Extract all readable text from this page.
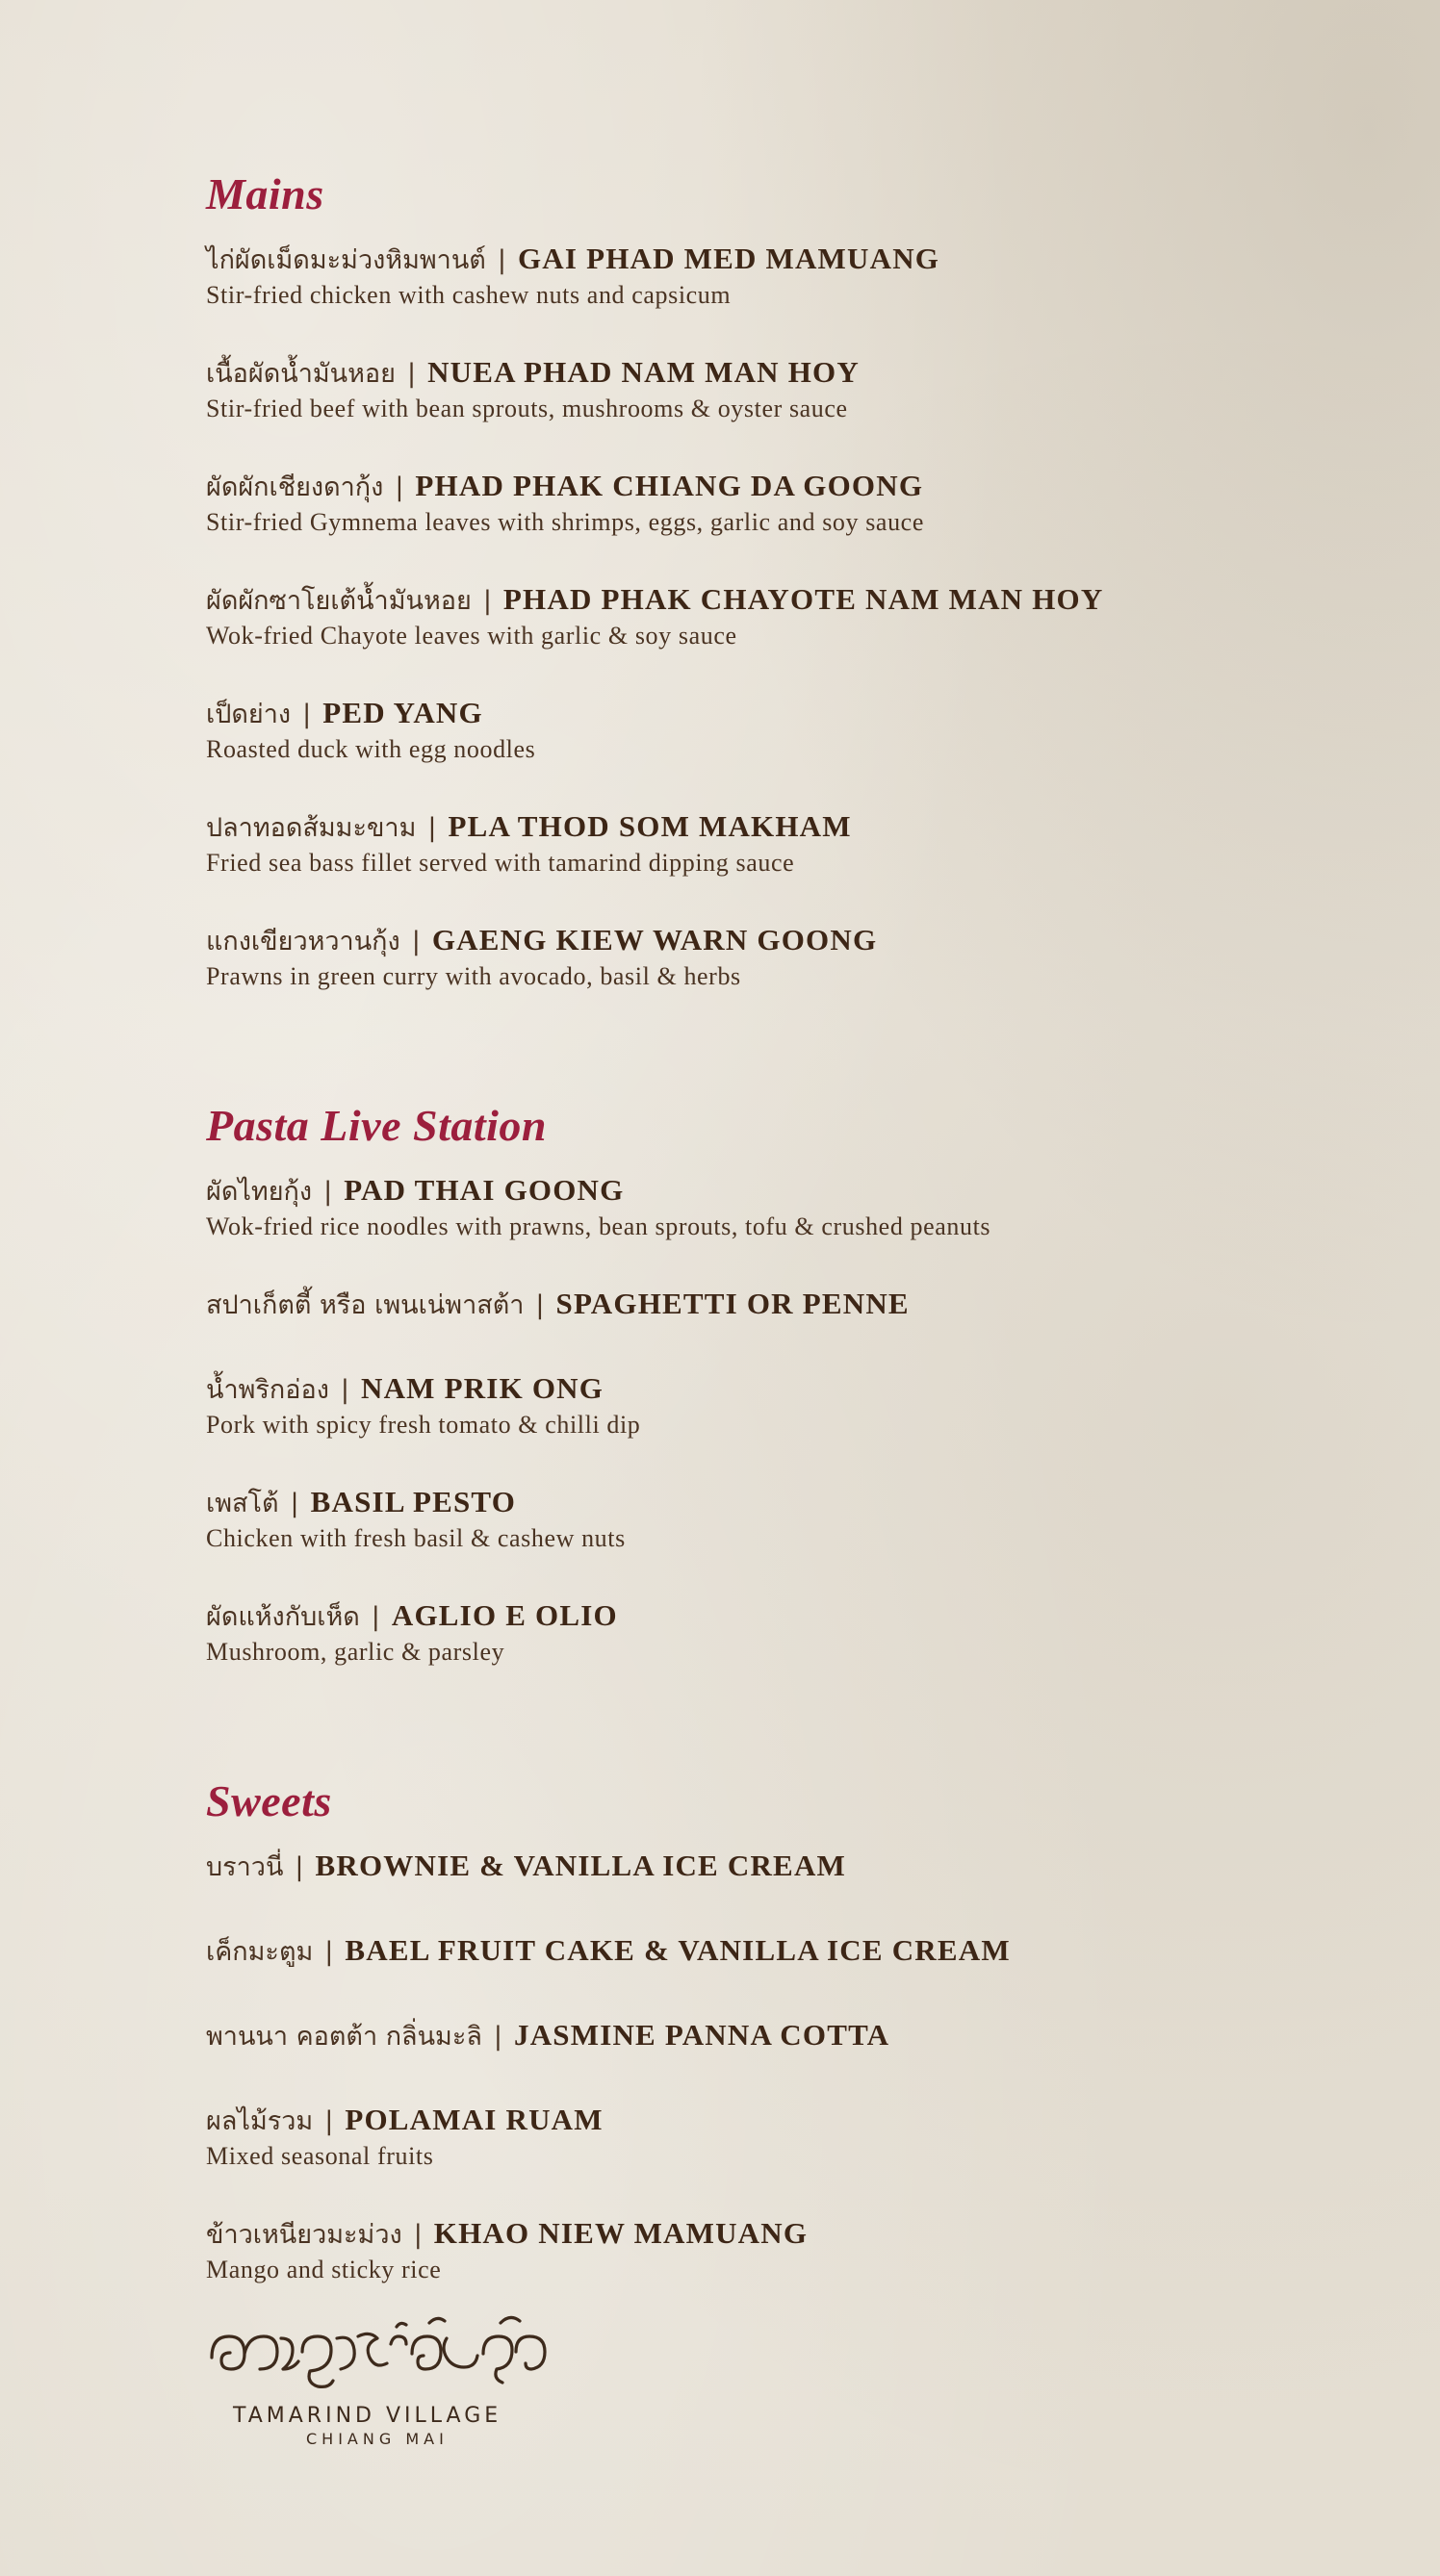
Mains
ไก่ผัดเม็ดมะม่วงหิมพานต์ | GAI PHAD MED MAMUANG
Stir-fried chicken with cashew nuts and capsicum
เนื้อผัดน้ำมันหอย | NUEA PHAD NAM MAN HOY
Stir-fried beef with bean sprouts, mushrooms & oyster sauce
ผัดผักเชียงดากุ้ง | PHAD PHAK CHIANG DA GOONG
Stir-fried Gymnema leaves with shrimps, eggs, garlic and soy sauce
ผัดผักซาโยเต้น้ำมันหอย | PHAD PHAK CHAYOTE NAM MAN HOY
Wok-fried Chayote leaves with garlic & soy sauce
เป็ดย่าง | PED YANG
Roasted duck with egg noodles
ปลาทอดส้มมะขาม | PLA THOD SOM MAKHAM
Fried sea bass fillet served with tamarind dipping sauce
แกงเขียวหวานกุ้ง | GAENG KIEW WARN GOONG
Prawns in green curry with avocado, basil & herbs
Pasta Live Station
ผัดไทยกุ้ง | PAD THAI GOONG
Wok-fried rice noodles with prawns, bean sprouts, tofu & crushed peanuts
สปาเก็ตตี้ หรือ เพนเน่พาสต้า | SPAGHETTI OR PENNE
น้ำพริกอ่อง | NAM PRIK ONG
Pork with spicy fresh tomato & chilli dip
เพสโต้ | BASIL PESTO
Chicken with fresh basil & cashew nuts
ผัดแห้งกับเห็ด | AGLIO E OLIO
Mushroom, garlic & parsley
Sweets
บราวนี่ | BROWNIE & VANILLA ICE CREAM
เค็กมะตูม | BAEL FRUIT CAKE & VANILLA ICE CREAM
พานนา คอตต้า กลิ่นมะลิ | JASMINE PANNA COTTA
ผลไม้รวม | POLAMAI RUAM
Mixed seasonal fruits
ข้าวเหนียวมะม่วง | KHAO NIEW MAMUANG
Mango and sticky rice
TAMARIND VILLAGE
CHIANG MAI
